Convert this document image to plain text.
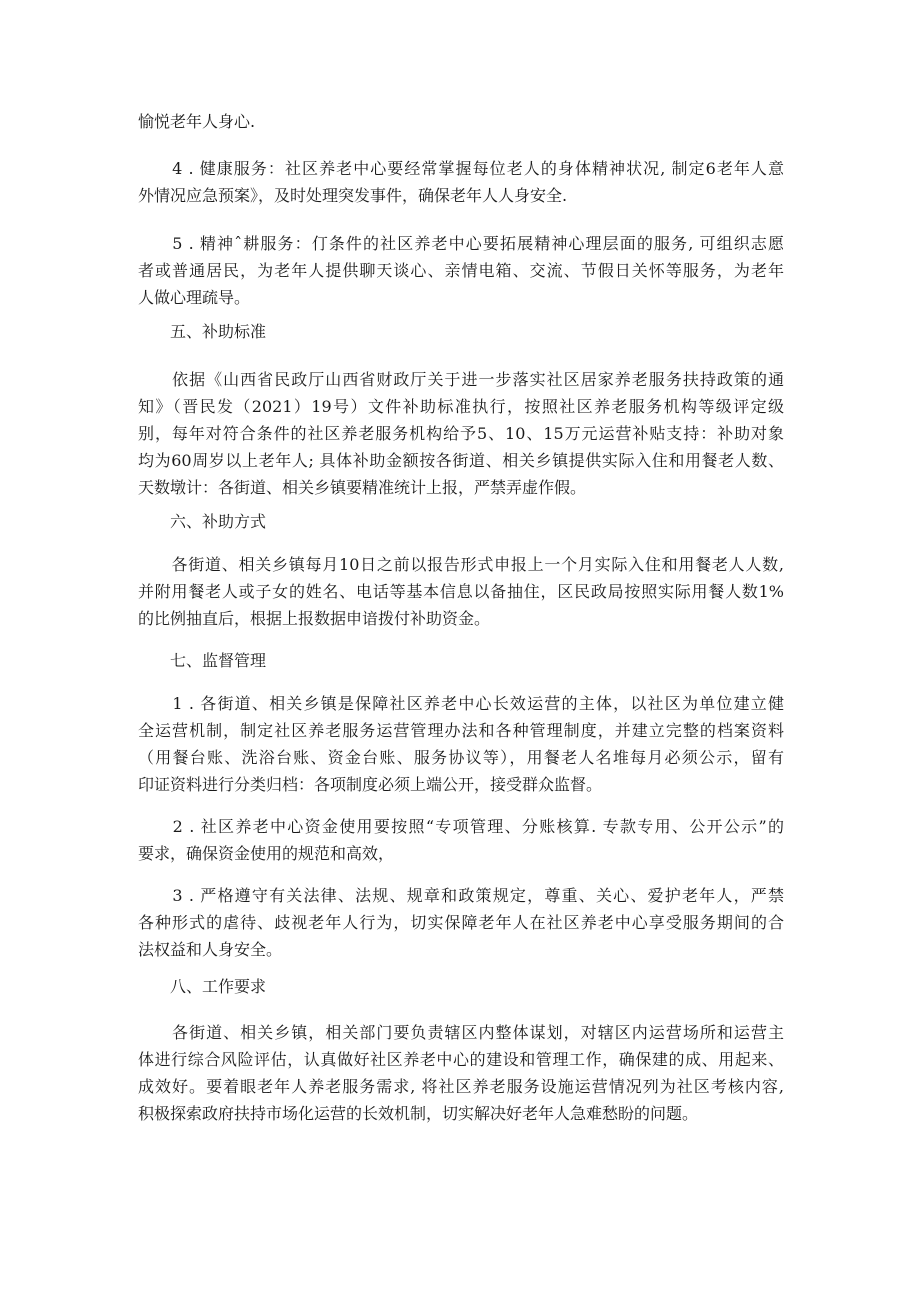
愉悦老年人身心.
　　4 . 健康服务：社区养老中心要经常掌握每位老人的身体精神状况, 制定6老年人意
外情况应急预案》，及时处理突发事件，确保老年人人身安全.
　　5 . 精神ˆ耕服务：仃条件的社区养老中心要拓展精神心理层面的服务, 可组织志愿
者或普通居民，为老年人提供聊天谈心、亲情电箱、交流、节假日关怀等服务，为老年
人做心理疏导。
　　五、补助标准
　　依据《山西省民政厅山西省财政厅关于进一步落实社区居家养老服务扶持政策的通
知》（晋民发（2021）19号）文件补助标准执行，按照社区养老服务机构等级评定级
别，每年对符合条件的社区养老服务机构给予5、10、15万元运营补贴支持：补助对象
均为60周岁以上老年人; 具体补助金额按各街道、相关乡镇提供实际入住和用餐老人数、
天数墩计：各街道、相关乡镇要精准统计上报，严禁弄虚作假。
　　六、补助方式
　　各街道、相关乡镇每月10日之前以报告形式申报上一个月实际入住和用餐老人人数,
并附用餐老人或子女的姓名、电话等基本信息以备抽住，区民政局按照实际用餐人数1%
的比例抽直后，根据上报数据申谙拨付补助资金。
　　七、监督管理
　　1 . 各街道、相关乡镇是保障社区养老中心长效运营的主体，以社区为单位建立健
全运营机制，制定社区养老服务运营管理办法和各种管理制度，并建立完整的档案资料
（用餐台账、洗浴台账、资金台账、服务协议等），用餐老人名堆每月必须公示，留有
印证资料进行分类归档：各项制度必须上端公开，接受群众监督。
　　2 . 社区养老中心资金使用要按照“专项管理、分账核算. 专款专用、公开公示”的
要求，确保资金使用的规范和高效，
　　3 . 严格遵守有关法律、法规、规章和政策规定，尊重、关心、爱护老年人，严禁
各种形式的虐待、歧视老年人行为，切实保障老年人在社区养老中心享受服务期间的合
法权益和人身安全。
　　八、工作要求
　　各街道、相关乡镇，相关部门要负责辖区内整体谋划，对辖区内运营场所和运营主
体进行综合风险评估，认真做好社区养老中心的建设和管理工作，确保建的成、用起来、
成效好。要着眼老年人养老服务需求, 将社区养老服务设施运营情况列为社区考核内容,
积极探索政府扶持市场化运营的长效机制，切实解决好老年人急难愁盼的问题。
